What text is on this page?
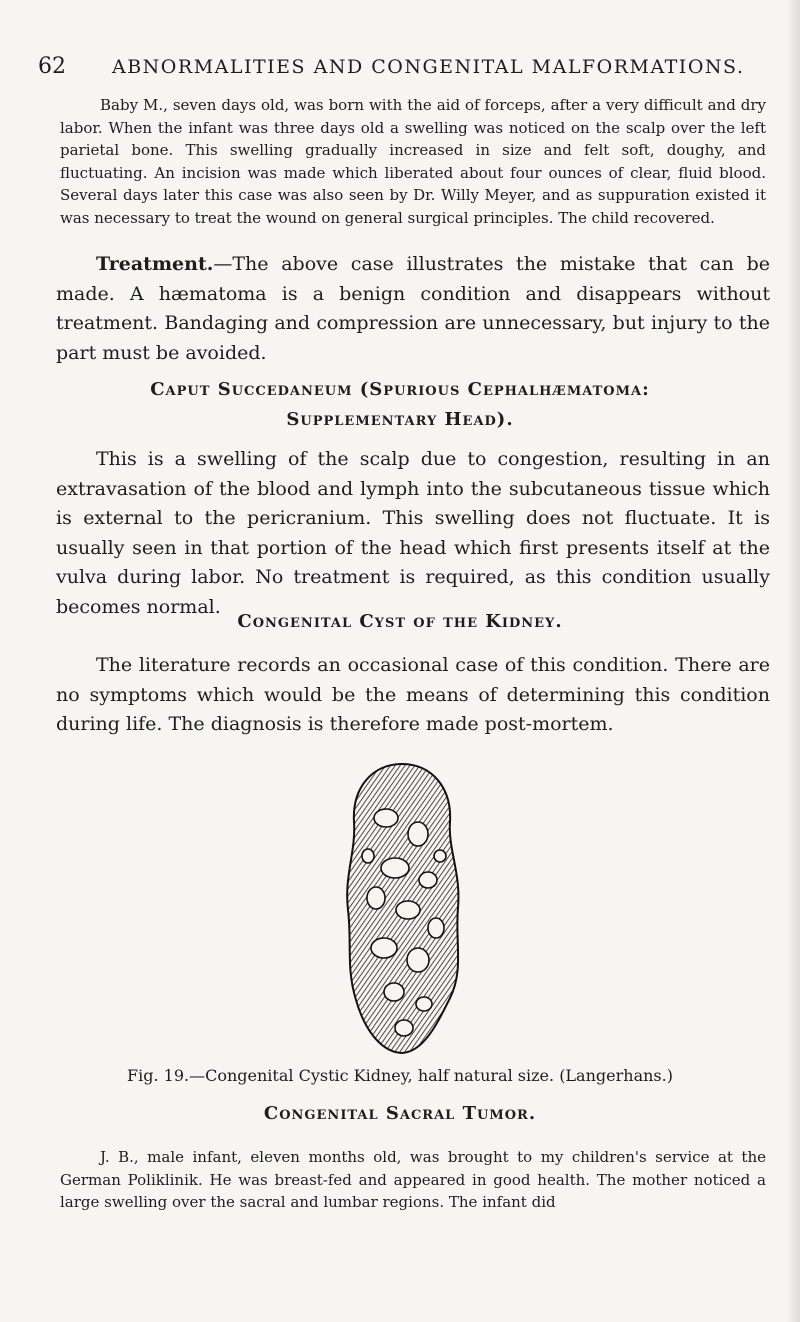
62 ABNORMALITIES AND CONGENITAL MALFORMATIONS.

Baby M., seven days old, was born with the aid of forceps, after a very difficult and dry labor. When the infant was three days old a swelling was noticed on the scalp over the left parietal bone. This swelling gradually increased in size and felt soft, doughy, and fluctuating. An incision was made which liberated about four ounces of clear, fluid blood. Several days later this case was also seen by Dr. Willy Meyer, and as suppuration existed it was necessary to treat the wound on general surgical principles. The child recovered.

Treatment.—The above case illustrates the mistake that can be made. A hæmatoma is a benign condition and disappears without treatment. Bandaging and compression are unnecessary, but injury to the part must be avoided.

Caput Succedaneum (Spurious Cephalhæmatoma:
Supplementary Head).

This is a swelling of the scalp due to congestion, resulting in an extravasation of the blood and lymph into the subcutaneous tissue which is external to the pericranium. This swelling does not fluctuate. It is usually seen in that portion of the head which first presents itself at the vulva during labor. No treatment is required, as this condition usually becomes normal.

Congenital Cyst of the Kidney.

The literature records an occasional case of this condition. There are no symptoms which would be the means of determining this condition during life. The diagnosis is therefore made post-mortem.

Fig. 19.—Congenital Cystic Kidney, half natural size. (Langerhans.)

Congenital Sacral Tumor.

J. B., male infant, eleven months old, was brought to my children's service at the German Poliklinik. He was breast-fed and appeared in good health. The mother noticed a large swelling over the sacral and lumbar regions. The infant did
